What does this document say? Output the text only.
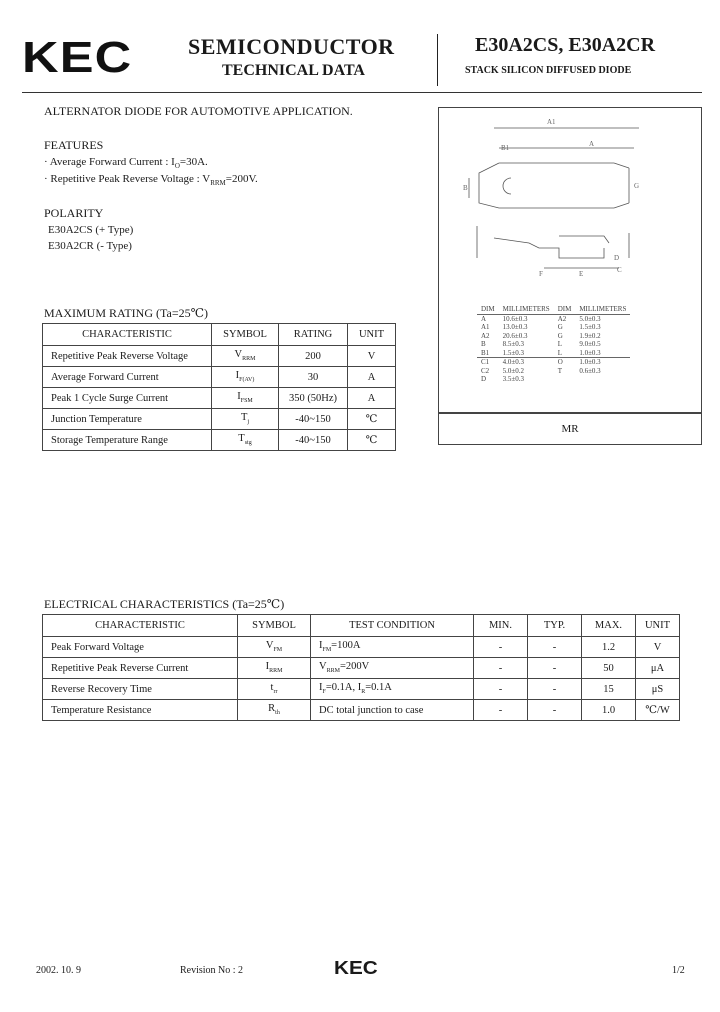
KEC	SEMICONDUCTOR
TECHNICAL DATA
E30A2CS, E30A2CR
STACK SILICON DIFFUSED DIODE
ALTERNATOR DIODE FOR AUTOMOTIVE APPLICATION.
FEATURES
· Average Forward Current : $I_O=30A$.
· Repetitive Peak Reverse Voltage : $V_{RRM}=200V$.
POLARITY
E30A2CS (+ Type)
E30A2CR (- Type)
A1
B1	A
B	G
D
F	E	C
DIM	MILLIMETERS	DIM	MILLIMETERS
A	10.6±0.3	A2	5.0±0.3
A1	13.0±0.3	G	1.5±0.3
A2	20.6±0.3	G	1.9±0.2
B	8.5±0.3	L	9.0±0.5
B1	1.5±0.3	L	1.0±0.3
C1	4.0±0.3	O	1.0±0.3
C2	5.0±0.2	T	0.6±0.3
D	3.5±0.3		
MR
MAXIMUM RATING (Ta=25℃)
CHARACTERISTIC	SYMBOL	RATING	UNIT
Repetitive Peak Reverse Voltage	$V_{RRM}$	200	V
Average Forward Current	$I_{F(AV)}$	30	A
Peak 1 Cycle Surge Current	$I_{FSM}$	350 (50Hz)	A
Junction Temperature	$T_j$	-40~150	℃
Storage Temperature Range	$T_{stg}$	-40~150	℃
ELECTRICAL CHARACTERISTICS (Ta=25℃)
CHARACTERISTIC	SYMBOL	TEST CONDITION	MIN.	TYP.	MAX.	UNIT
Peak Forward Voltage	$V_{FM}$	$I_{FM}=100A$	-	-	1.2	V
Repetitive Peak Reverse Current	$I_{RRM}$	$V_{RRM}=200V$	-	-	50	μA
Reverse Recovery Time	$t_{rr}$	$I_F=0.1A$, $I_R=0.1A$	-	-	15	μS
Temperature Resistance	$R_{th}$	DC total junction to case	-	-	1.0	℃/W
2002. 10. 9	Revision No : 2	KEC	1/2
